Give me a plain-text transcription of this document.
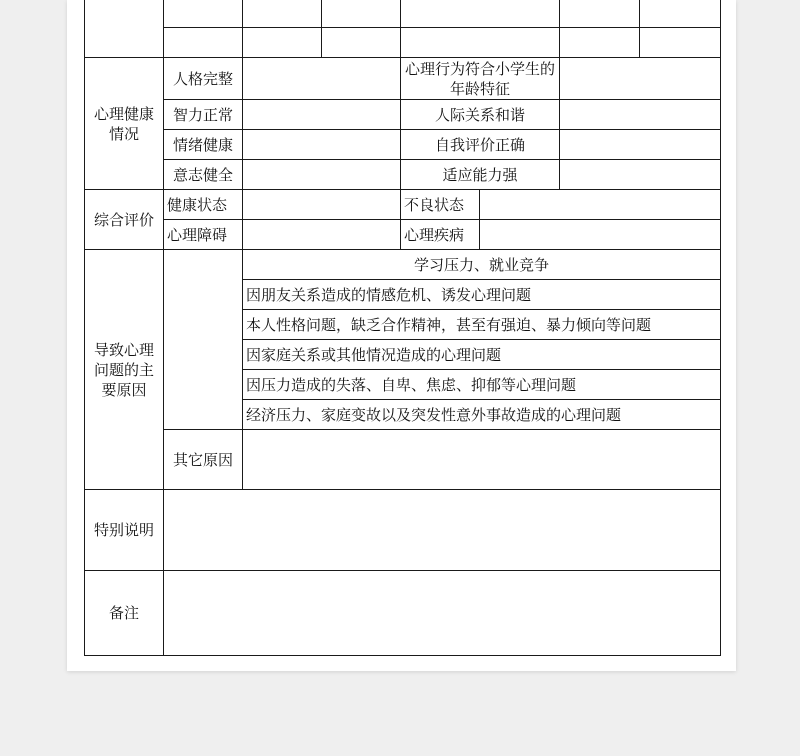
心理健康情况	人格完整			心理行为符合小学生的年龄特征			
	智力正常			人际关系和谐			
	情绪健康			自我评价正确			
	意志健全			适应能力强			
综合评价	健康状态			不良状态			
	心理障碍			心理疾病			
导致心理问题的主要原因		学习压力、就业竞争					
		因朋友关系造成的情感危机、诱发心理问题					
		本人性格问题，缺乏合作精神，甚至有强迫、暴力倾向等问题					
		因家庭关系或其他情况造成的心理问题					
		因压力造成的失落、自卑、焦虑、抑郁等心理问题					
		经济压力、家庭变故以及突发性意外事故造成的心理问题					
	其它原因						
特别说明							
备注							
